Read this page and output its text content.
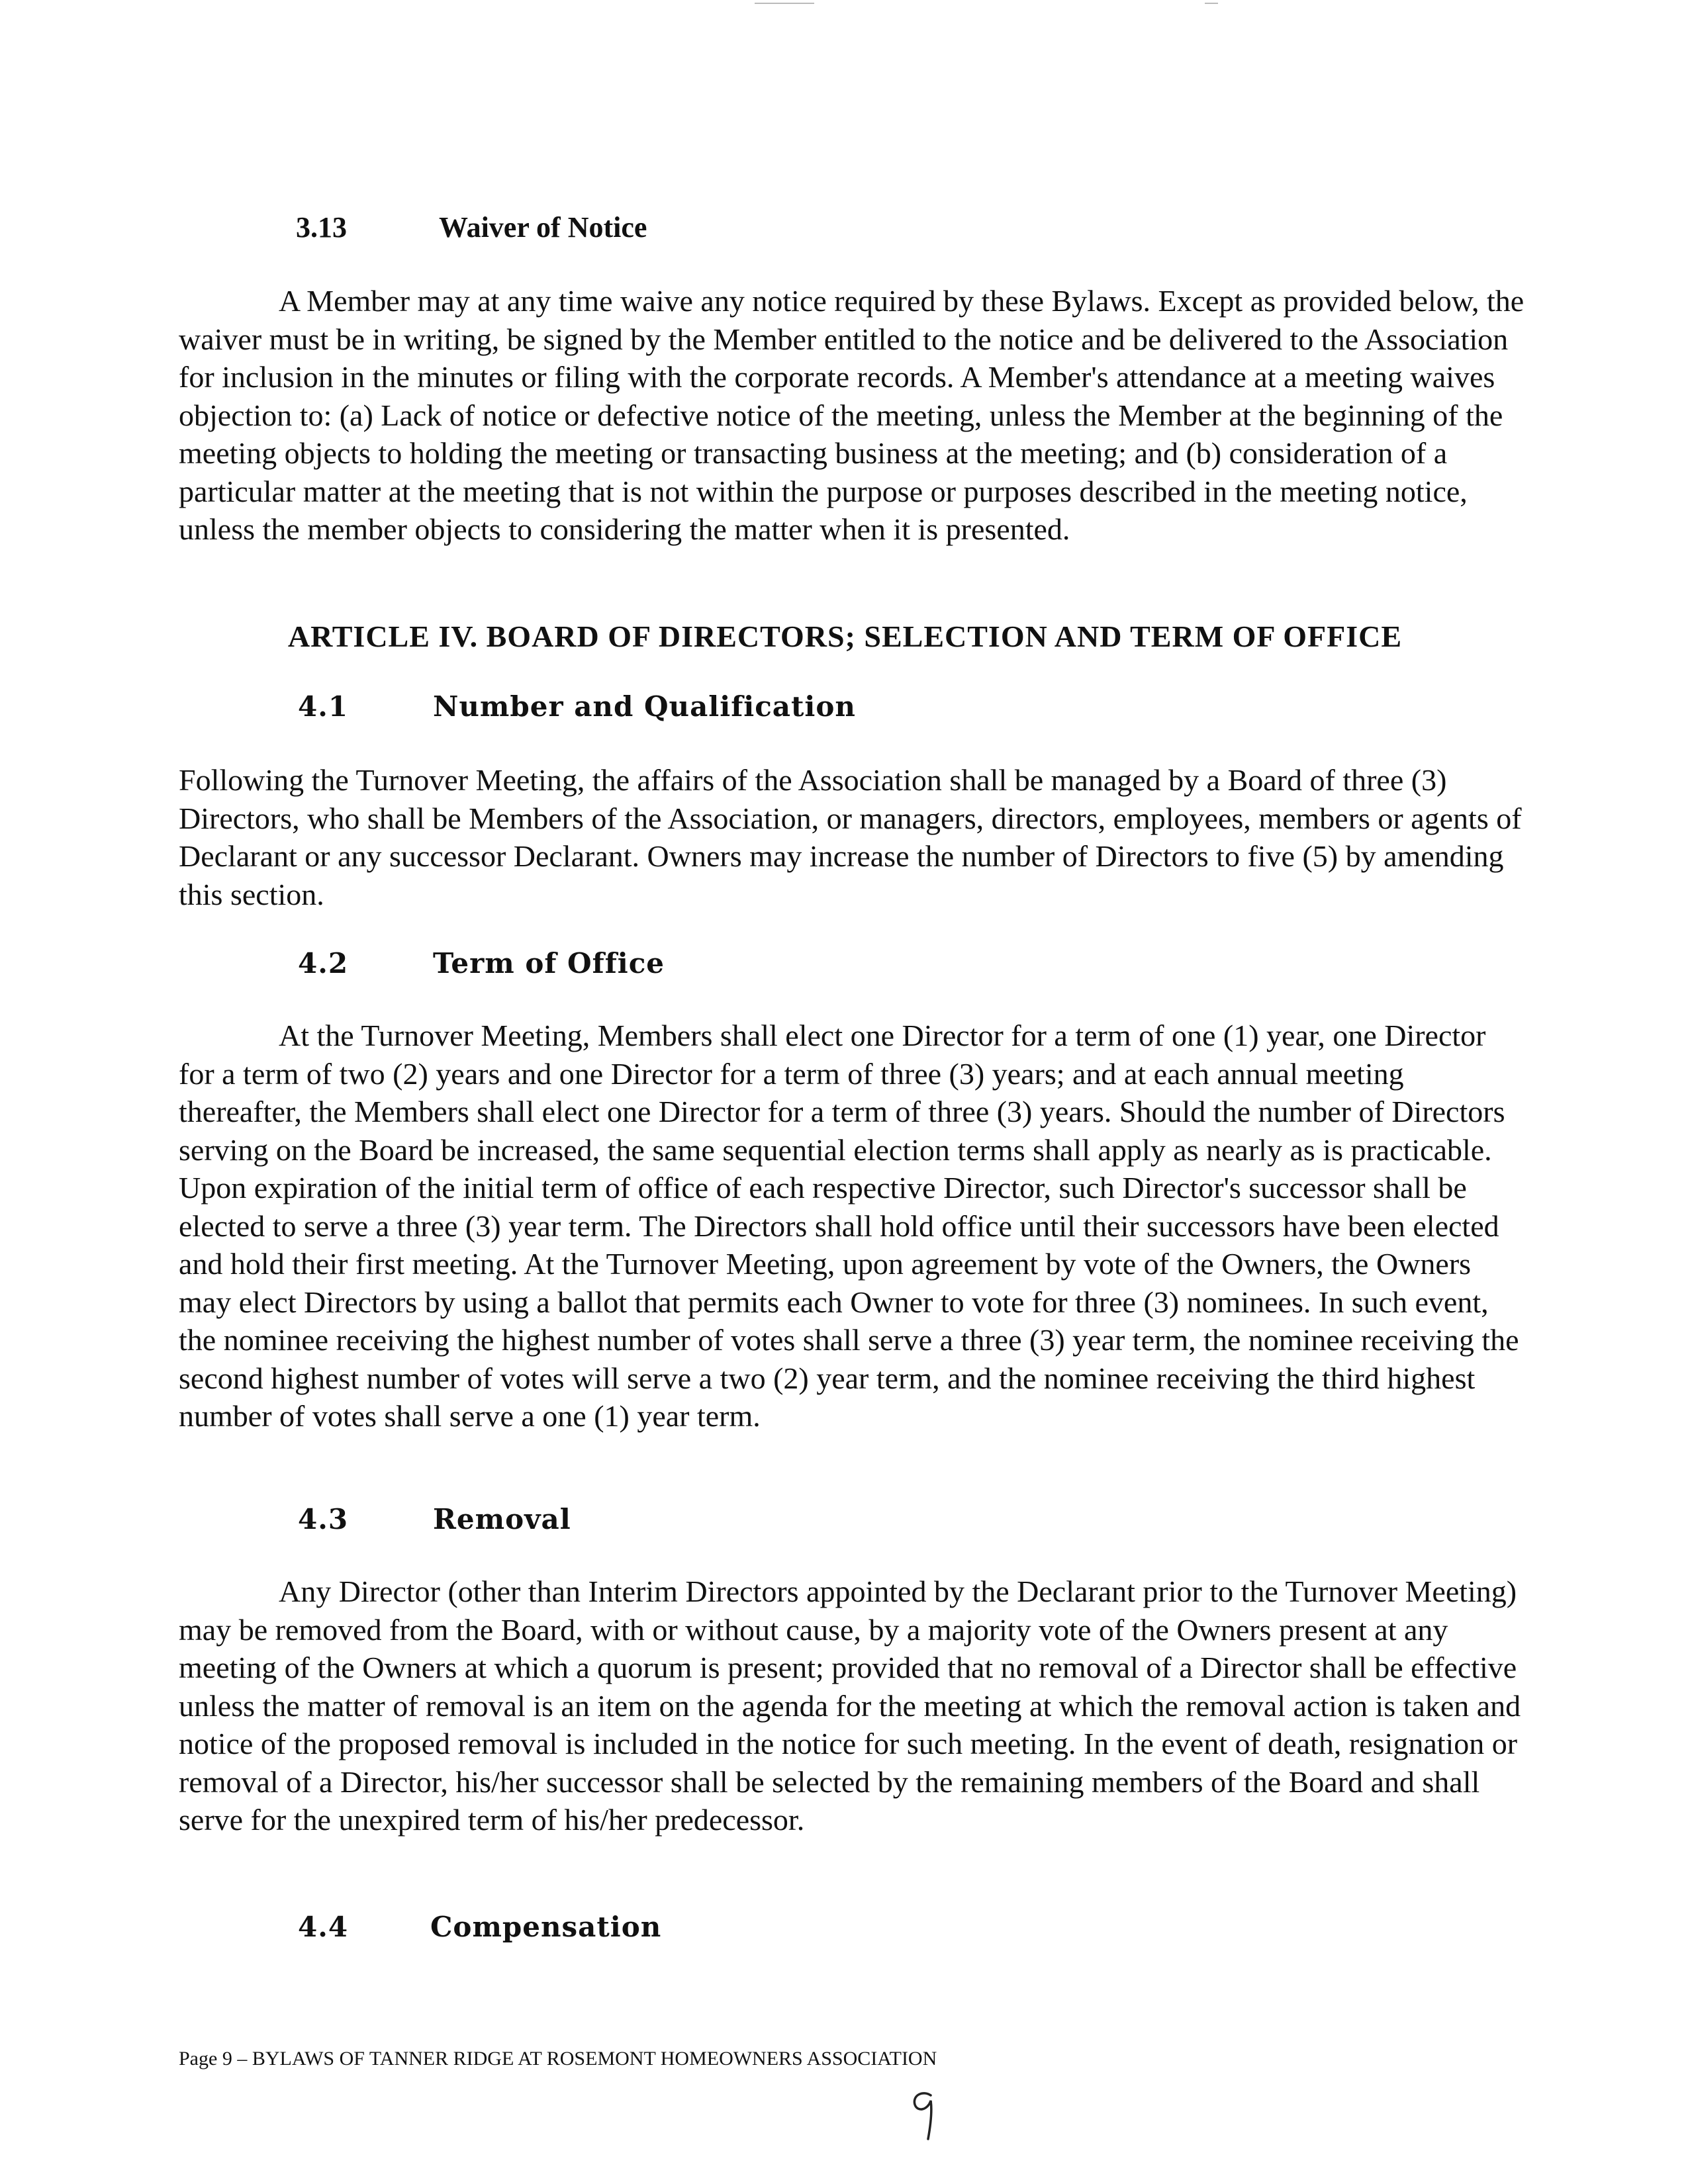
3.13	Waiver of Notice

A Member may at any time waive any notice required by these Bylaws. Except as provided below, the waiver must be in writing, be signed by the Member entitled to the notice and be delivered to the Association for inclusion in the minutes or filing with the corporate records. A Member's attendance at a meeting waives objection to: (a) Lack of notice or defective notice of the meeting, unless the Member at the beginning of the meeting objects to holding the meeting or transacting business at the meeting; and (b) consideration of a particular matter at the meeting that is not within the purpose or purposes described in the meeting notice, unless the member objects to considering the matter when it is presented.

ARTICLE IV. BOARD OF DIRECTORS; SELECTION AND TERM OF OFFICE
4.1	Number and Qualification

Following the Turnover Meeting, the affairs of the Association shall be managed by a Board of three (3) Directors, who shall be Members of the Association, or managers, directors, employees, members or agents of Declarant or any successor Declarant. Owners may increase the number of Directors to five (5) by amending this section.

4.2	Term of Office

At the Turnover Meeting, Members shall elect one Director for a term of one (1) year, one Director for a term of two (2) years and one Director for a term of three (3) years; and at each annual meeting thereafter, the Members shall elect one Director for a term of three (3) years. Should the number of Directors serving on the Board be increased, the same sequential election terms shall apply as nearly as is practicable. Upon expiration of the initial term of office of each respective Director, such Director's successor shall be elected to serve a three (3) year term. The Directors shall hold office until their successors have been elected and hold their first meeting. At the Turnover Meeting, upon agreement by vote of the Owners, the Owners may elect Directors by using a ballot that permits each Owner to vote for three (3) nominees. In such event, the nominee receiving the highest number of votes shall serve a three (3) year term, the nominee receiving the second highest number of votes will serve a two (2) year term, and the nominee receiving the third highest number of votes shall serve a one (1) year term.

4.3	Removal

Any Director (other than Interim Directors appointed by the Declarant prior to the Turnover Meeting) may be removed from the Board, with or without cause, by a majority vote of the Owners present at any meeting of the Owners at which a quorum is present; provided that no removal of a Director shall be effective unless the matter of removal is an item on the agenda for the meeting at which the removal action is taken and notice of the proposed removal is included in the notice for such meeting. In the event of death, resignation or removal of a Director, his/her successor shall be selected by the remaining members of the Board and shall serve for the unexpired term of his/her predecessor.

4.4	Compensation
Page 9 – BYLAWS OF TANNER RIDGE AT ROSEMONT HOMEOWNERS ASSOCIATION
